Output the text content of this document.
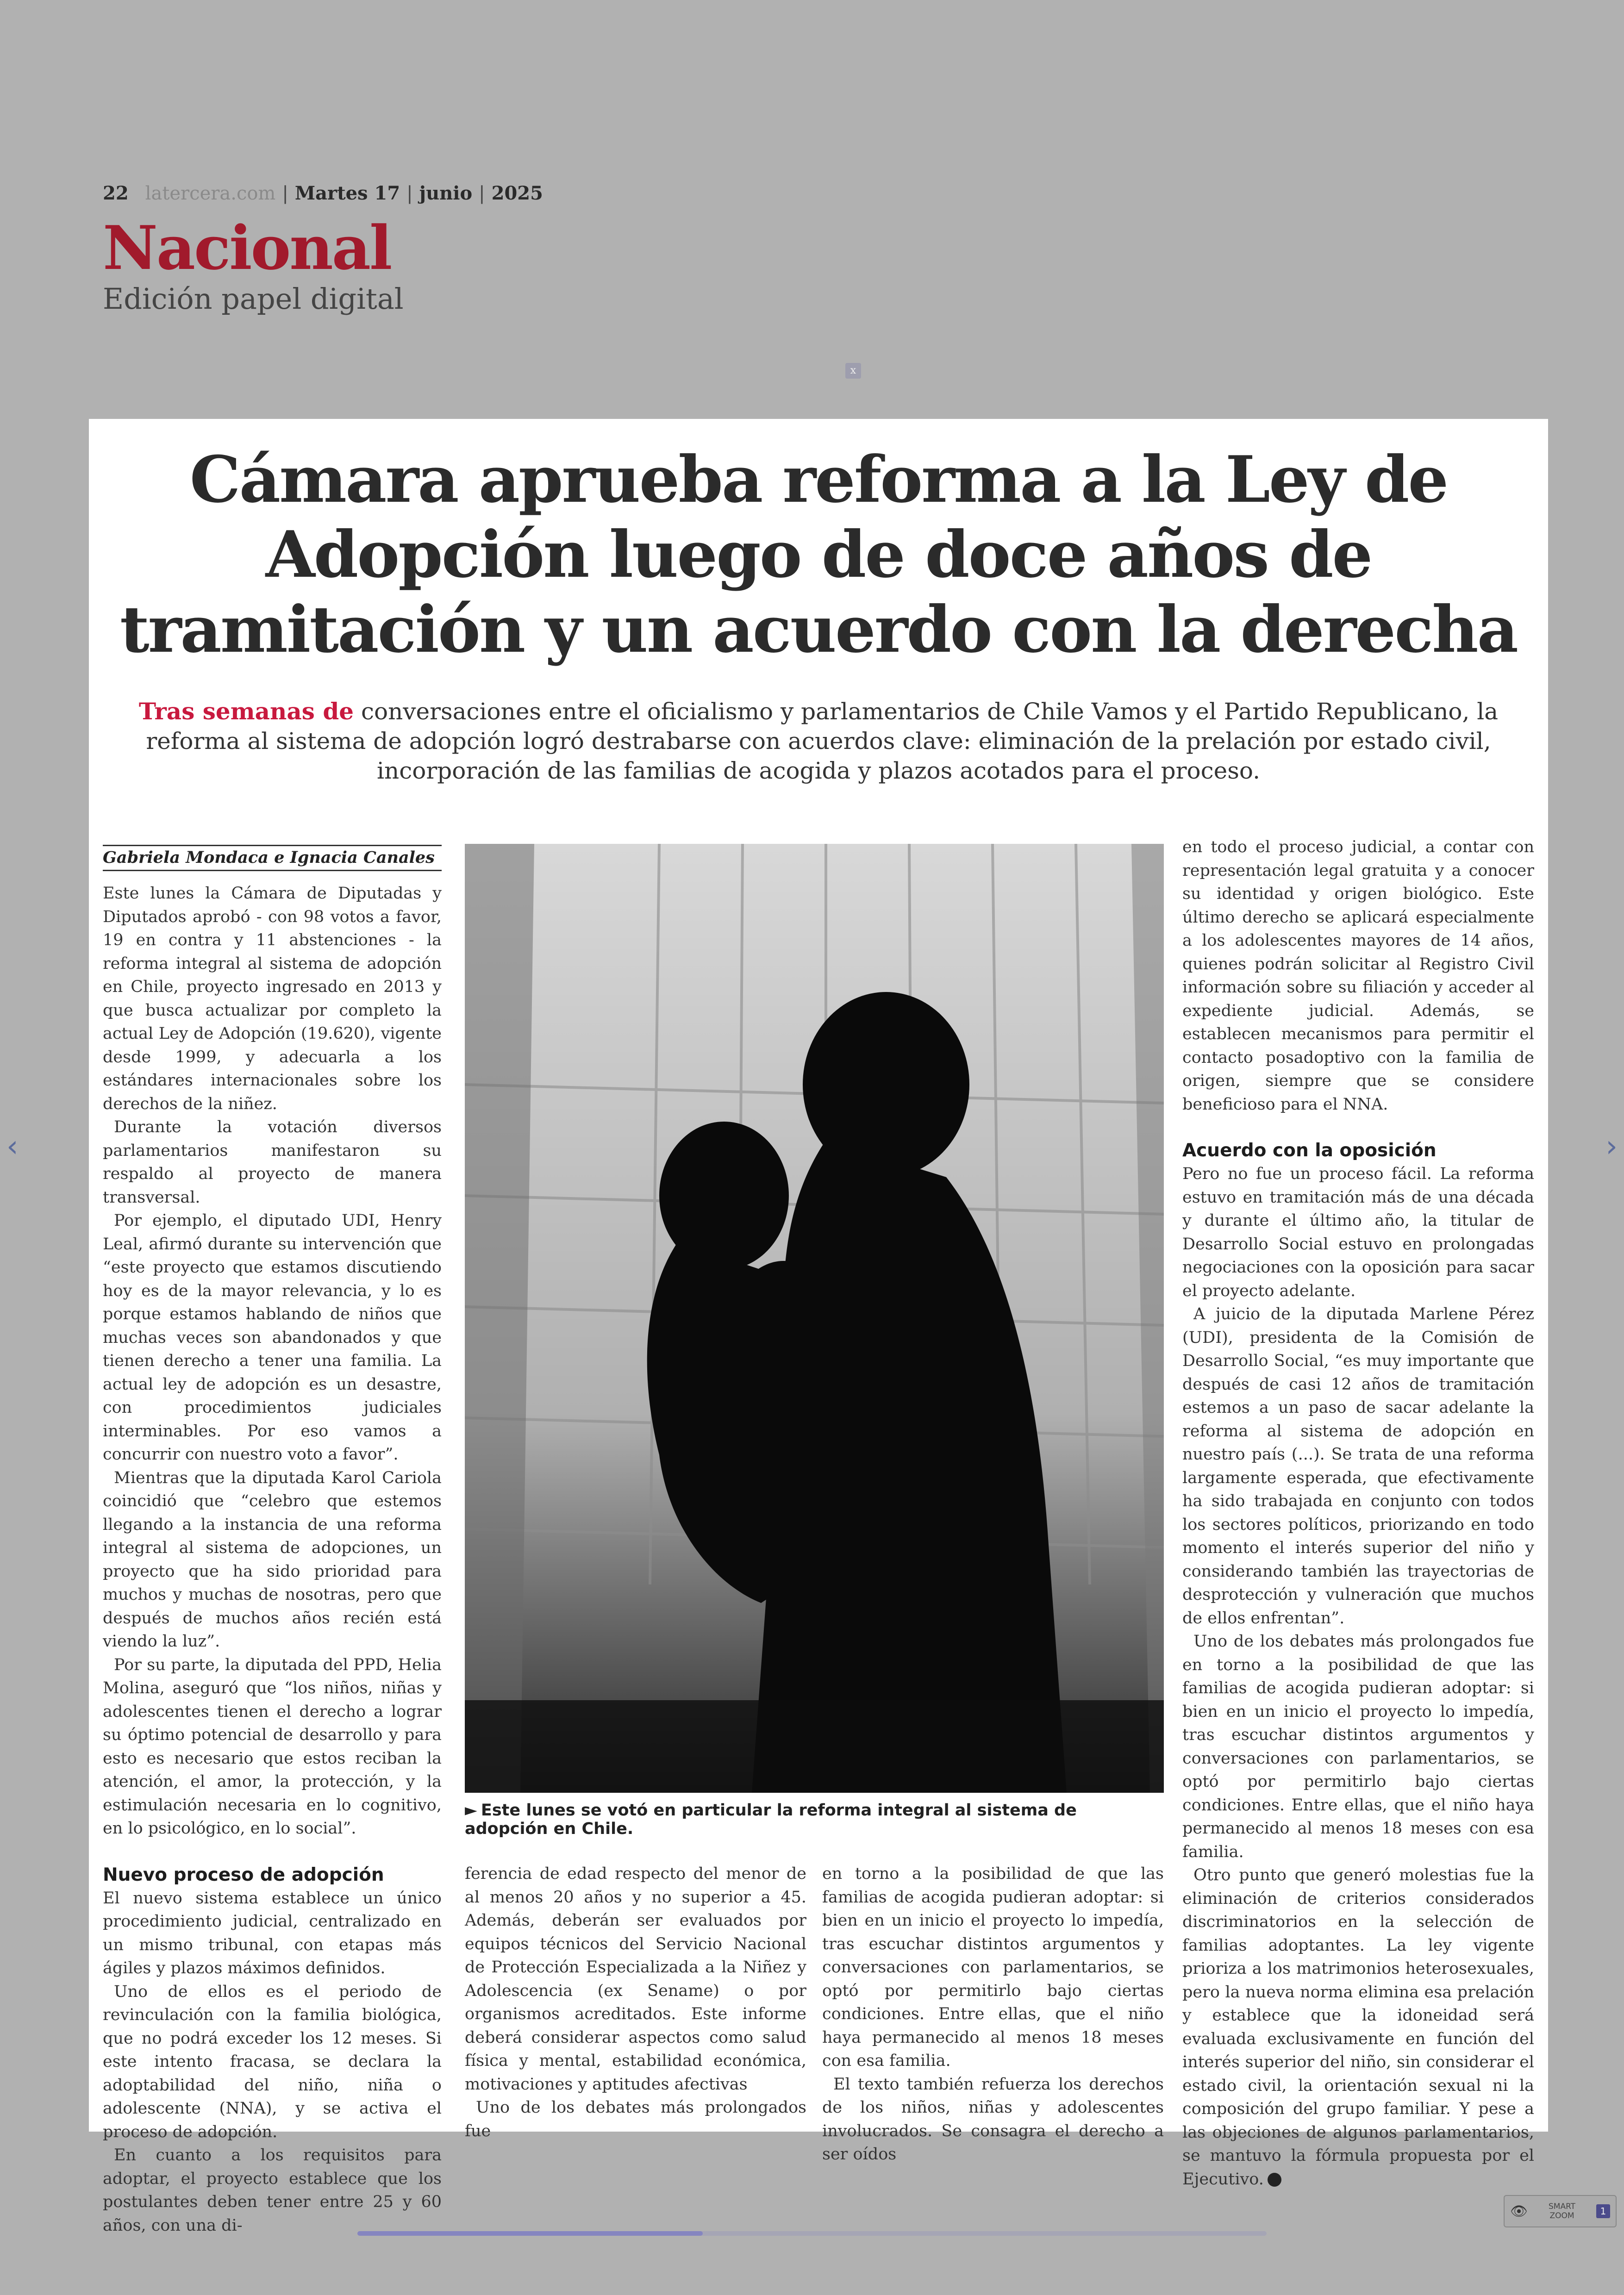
22 latercera.com | Martes 17 | junio | 2025
Nacional
Edición papel digital
x
Cámara aprueba reforma a la Ley de Adopción luego de doce años de tramitación y un acuerdo con la derecha
Tras semanas de conversaciones entre el oficialismo y parlamentarios de Chile Vamos y el Partido Republicano, la reforma al sistema de adopción logró destrabarse con acuerdos clave: eliminación de la prelación por estado civil, incorporación de las familias de acogida y plazos acotados para el proceso.
Gabriela Mondaca e Ignacia Canales

Este lunes la Cámara de Diputadas y Diputados aprobó - con 98 votos a favor, 19 en contra y 11 abstenciones - la reforma integral al sistema de adopción en Chile, proyecto ingresado en 2013 y que busca actualizar por completo la actual Ley de Adopción (19.620), vigente desde 1999, y adecuarla a los estándares internacionales sobre los derechos de la niñez.

Durante la votación diversos parlamentarios manifestaron su respaldo al proyecto de manera transversal.

Por ejemplo, el diputado UDI, Henry Leal, afirmó durante su intervención que “este proyecto que estamos discutiendo hoy es de la mayor relevancia, y lo es porque estamos hablando de niños que muchas veces son abandonados y que tienen derecho a tener una familia. La actual ley de adopción es un desastre, con procedimientos judiciales interminables. Por eso vamos a concurrir con nuestro voto a favor”.

Mientras que la diputada Karol Cariola coincidió que “celebro que estemos llegando a la instancia de una reforma integral al sistema de adopciones, un proyecto que ha sido prioridad para muchos y muchas de nosotras, pero que después de muchos años recién está viendo la luz”.

Por su parte, la diputada del PPD, Helia Molina, aseguró que “los niños, niñas y adolescentes tienen el derecho a lograr su óptimo potencial de desarrollo y para esto es necesario que estos reciban la atención, el amor, la protección, y la estimulación necesaria en lo cognitivo, en lo psicológico, en lo social”.

Nuevo proceso de adopción

El nuevo sistema establece un único procedimiento judicial, centralizado en un mismo tribunal, con etapas más ágiles y plazos máximos definidos.

Uno de ellos es el periodo de revinculación con la familia biológica, que no podrá exceder los 12 meses. Si este intento fracasa, se declara la adoptabilidad del niño, niña o adolescente (NNA), y se activa el proceso de adopción.

En cuanto a los requisitos para adoptar, el proyecto establece que los postulantes deben tener entre 25 y 60 años, con una di-

► Este lunes se votó en particular la reforma integral al sistema de adopción en Chile.

ferencia de edad respecto del menor de al menos 20 años y no superior a 45. Además, deberán ser evaluados por equipos técnicos del Servicio Nacional de Protección Especializada a la Niñez y Adolescencia (ex Sename) o por organismos acreditados. Este informe deberá considerar aspectos como salud física y mental, estabilidad económica, motivaciones y aptitudes afectivas

Uno de los debates más prolongados fue

en torno a la posibilidad de que las familias de acogida pudieran adoptar: si bien en un inicio el proyecto lo impedía, tras escuchar distintos argumentos y conversaciones con parlamentarios, se optó por permitirlo bajo ciertas condiciones. Entre ellas, que el niño haya permanecido al menos 18 meses con esa familia.

El texto también refuerza los derechos de los niños, niñas y adolescentes involucrados. Se consagra el derecho a ser oídos

en todo el proceso judicial, a contar con representación legal gratuita y a conocer su identidad y origen biológico. Este último derecho se aplicará especialmente a los adolescentes mayores de 14 años, quienes podrán solicitar al Registro Civil información sobre su filiación y acceder al expediente judicial. Además, se establecen mecanismos para permitir el contacto posadoptivo con la familia de origen, siempre que se considere beneficioso para el NNA.

Acuerdo con la oposición

Pero no fue un proceso fácil. La reforma estuvo en tramitación más de una década y durante el último año, la titular de Desarrollo Social estuvo en prolongadas negociaciones con la oposición para sacar el proyecto adelante.

A juicio de la diputada Marlene Pérez (UDI), presidenta de la Comisión de Desarrollo Social, “es muy importante que después de casi 12 años de tramitación estemos a un paso de sacar adelante la reforma al sistema de adopción en nuestro país (...). Se trata de una reforma largamente esperada, que efectivamente ha sido trabajada en conjunto con todos los sectores políticos, priorizando en todo momento el interés superior del niño y considerando también las trayectorias de desprotección y vulneración que muchos de ellos enfrentan”.

Uno de los debates más prolongados fue en torno a la posibilidad de que las familias de acogida pudieran adoptar: si bien en un inicio el proyecto lo impedía, tras escuchar distintos argumentos y conversaciones con parlamentarios, se optó por permitirlo bajo ciertas condiciones. Entre ellas, que el niño haya permanecido al menos 18 meses con esa familia.

Otro punto que generó molestias fue la eliminación de criterios considerados discriminatorios en la selección de familias adoptantes. La ley vigente prioriza a los matrimonios heterosexuales, pero la nueva norma elimina esa prelación y establece que la idoneidad será evaluada exclusivamente en función del interés superior del niño, sin considerar el estado civil, la orientación sexual ni la composición del grupo familiar. Y pese a las objeciones de algunos parlamentarios, se mantuvo la fórmula propuesta por el Ejecutivo.

‹	›
👁	SMART
ZOOM	1
